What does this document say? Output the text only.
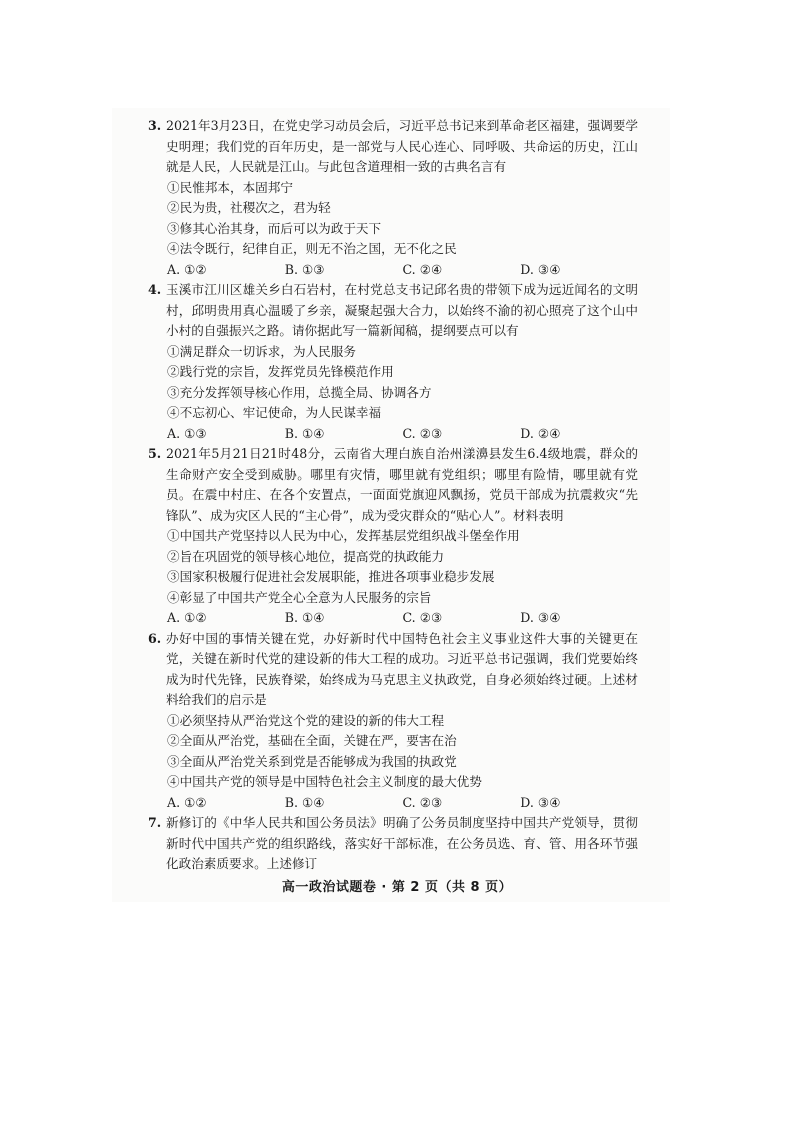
3. 2021年3月23日，在党史学习动员会后，习近平总书记来到革命老区福建，强调要学史明理；我们党的百年历史，是一部党与人民心连心、同呼吸、共命运的历史，江山就是人民，人民就是江山。与此包含道理相一致的古典名言有
①民惟邦本，本固邦宁
②民为贵，社稷次之，君为轻
③修其心治其身，而后可以为政于天下
④法令既行，纪律自正，则无不治之国，无不化之民
A. ①②	B. ①③	C. ②④	D. ③④
4. 玉溪市江川区雄关乡白石岩村，在村党总支书记邱名贵的带领下成为远近闻名的文明村，邱明贵用真心温暖了乡亲，凝聚起强大合力，以始终不渝的初心照亮了这个山中小村的自强振兴之路。请你据此写一篇新闻稿，提纲要点可以有
①满足群众一切诉求，为人民服务
②践行党的宗旨，发挥党员先锋模范作用
③充分发挥领导核心作用，总揽全局、协调各方
④不忘初心、牢记使命，为人民谋幸福
A. ①③	B. ①④	C. ②③	D. ②④
5. 2021年5月21日21时48分，云南省大理白族自治州漾濞县发生6.4级地震，群众的生命财产安全受到威胁。哪里有灾情，哪里就有党组织；哪里有险情，哪里就有党员。在震中村庄、在各个安置点，一面面党旗迎风飘扬，党员干部成为抗震救灾“先锋队”、成为灾区人民的“主心骨”，成为受灾群众的“贴心人”。材料表明
①中国共产党坚持以人民为中心，发挥基层党组织战斗堡垒作用
②旨在巩固党的领导核心地位，提高党的执政能力
③国家积极履行促进社会发展职能，推进各项事业稳步发展
④彰显了中国共产党全心全意为人民服务的宗旨
A. ①②	B. ①④	C. ②③	D. ③④
6. 办好中国的事情关键在党，办好新时代中国特色社会主义事业这件大事的关键更在党，关键在新时代党的建设新的伟大工程的成功。习近平总书记强调，我们党要始终成为时代先锋，民族脊梁，始终成为马克思主义执政党，自身必须始终过硬。上述材料给我们的启示是
①必须坚持从严治党这个党的建设的新的伟大工程
②全面从严治党，基础在全面，关键在严，要害在治
③全面从严治党关系到党是否能够成为我国的执政党
④中国共产党的领导是中国特色社会主义制度的最大优势
A. ①②	B. ①④	C. ②③	D. ③④
7. 新修订的《中华人民共和国公务员法》明确了公务员制度坚持中国共产党领导，贯彻新时代中国共产党的组织路线，落实好干部标准，在公务员选、育、管、用各环节强化政治素质要求。上述修订
高一政治试题卷 · 第 2 页（共 8 页）
